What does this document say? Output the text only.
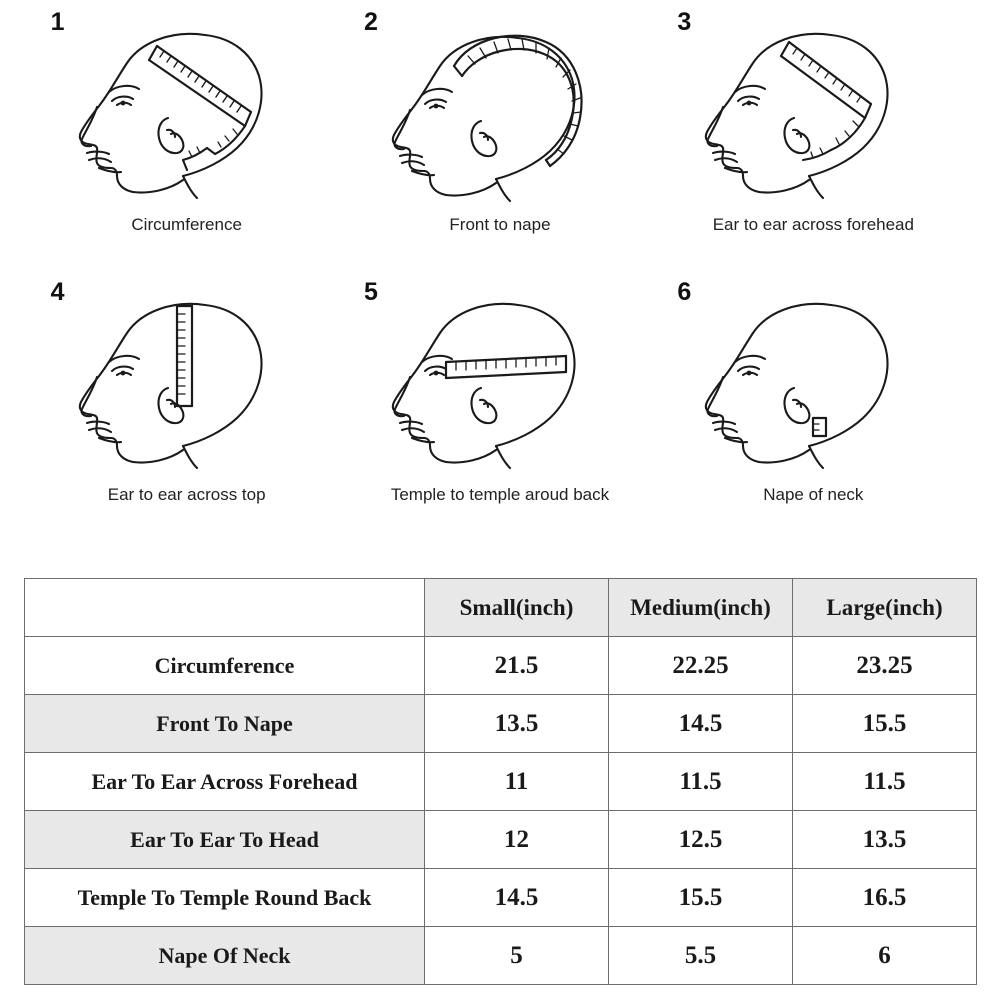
1
Circumference
2
Front to nape
3
Ear to ear across forehead
4
Ear to ear across top
5
Temple to temple aroud back
6
Nape of neck
	Small(inch)	Medium(inch)	Large(inch)
Circumference	21.5	22.25	23.25
Front To Nape	13.5	14.5	15.5
Ear To Ear Across Forehead	11	11.5	11.5
Ear To Ear To Head	12	12.5	13.5
Temple To Temple Round Back	14.5	15.5	16.5
Nape Of Neck	5	5.5	6
